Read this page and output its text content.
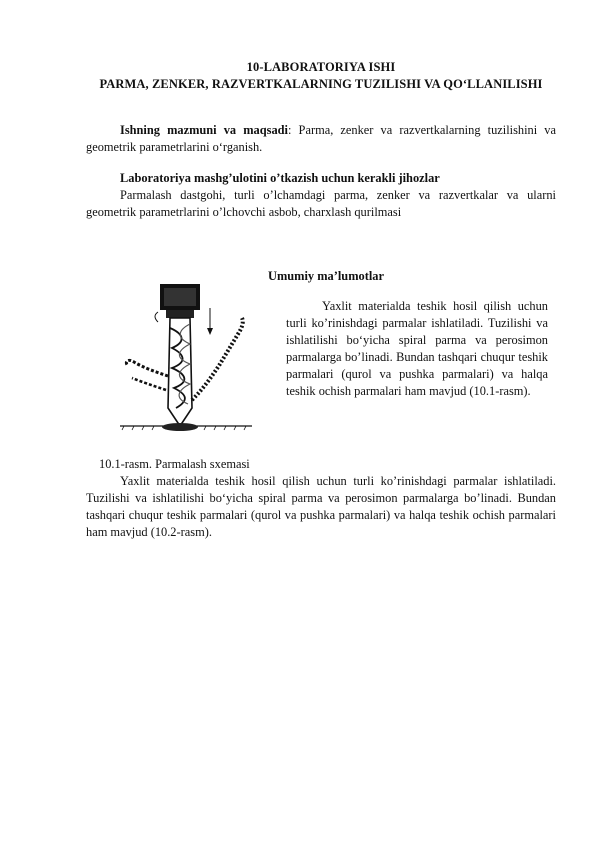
10-LABORATORIYA ISHI
PARMA, ZENKER, RAZVERTKALARNING TUZILISHI VA QO‘LLANILISHI
Ishning mazmuni va maqsadi: Parma, zenker va razvertkalarning tuzilishini va geometrik parametrlarini o‘rganish.
Laboratoriya mashg’ulotini o’tkazish uchun kerakli jihozlar
Parmalash dastgohi, turli o’lchamdagi parma, zenker va razvertkalar va ularni geometrik parametrlarini o’lchovchi asbob, charxlash qurilmasi
Umumiy ma’lumotlar
Yaxlit materialda teshik hosil qilish uchun turli ko’rinishdagi parmalar ishlatiladi. Tuzilishi va ishlatilishi bo‘yicha spiral parma va perosimon parmalarga bo’linadi. Bundan tashqari chuqur teshik parmalari (qurol va pushka parmalari) va halqa teshik ochish parmalari ham mavjud (10.1-rasm).
10.1-rasm. Parmalash sxemasi
Yaxlit materialda teshik hosil qilish uchun turli ko’rinishdagi parmalar ishlatiladi. Tuzilishi va ishlatilishi bo‘yicha spiral parma va perosimon parmalarga bo’linadi. Bundan tashqari chuqur teshik parmalari (qurol va pushka parmalari) va halqa teshik ochish parmalari ham mavjud (10.2-rasm).
